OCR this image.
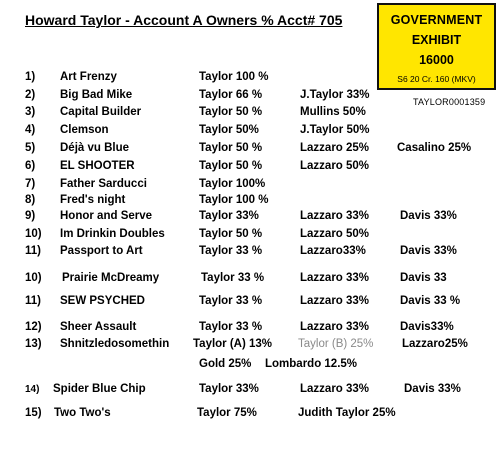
Howard Taylor - Account A Owners % Acct# 705	GOVERNMENT
EXHIBIT
16000
S6 20 Cr. 160 (MKV)
TAYLOR0001359
1) Art Frenzy	Taylor 100 %
2) Big Bad Mike	Taylor 66 %	J.Taylor 33%
3) Capital Builder	Taylor 50 %	Mullins 50%
4) Clemson	Taylor 50%	J.Taylor 50%
5) Déjà vu Blue	Taylor 50 %	Lazzaro 25% Casalino 25%
6) EL SHOOTER	Taylor 50 %	Lazzaro 50%
7) Father Sarducci	Taylor 100%
8) Fred's night	Taylor 100 %
9) Honor and Serve	Taylor 33%	Lazzaro 33%	Davis 33%
10) Im Drinkin Doubles	Taylor 50 %	Lazzaro 50%
11) Passport to Art	Taylor 33 %	Lazzaro33%	Davis 33%
10) Prairie McDreamy	Taylor 33 %	Lazzaro 33%	Davis 33
11) SEW PSYCHED	Taylor 33 %	Lazzaro 33%	Davis 33 %
12) Sheer Assault	Taylor 33 %	Lazzaro 33%	Davis33%
13) Shnitzledosomethin Taylor (A) 13% Taylor (B) 25% Lazzaro25%
Gold 25% Lombardo 12.5%
14) Spider Blue Chip	Taylor 33%	Lazzaro 33%	Davis 33%
15) Two Two's	Taylor 75%	Judith Taylor 25%
